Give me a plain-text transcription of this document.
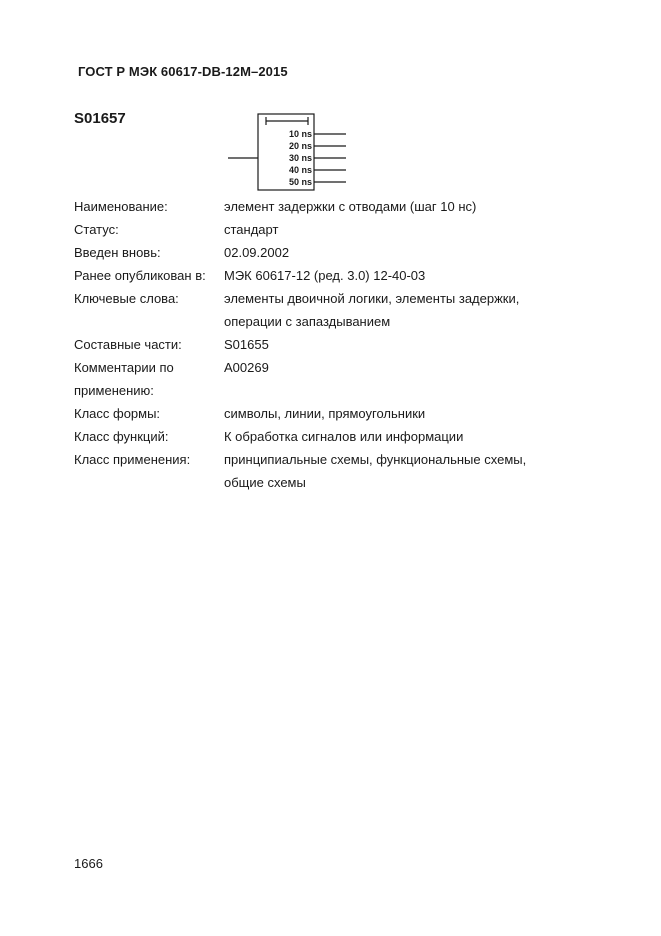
ГОСТ Р МЭК 60617-DB-12M–2015
S01657
10 ns
20 ns
30 ns
40 ns
50 ns
Наименование:	элемент задержки с отводами (шаг 10 нс)
Статус:	стандарт
Введен вновь:	02.09.2002
Ранее опубликован в:	МЭК 60617-12 (ред. 3.0) 12-40-03
Ключевые слова:	элементы двоичной логики, элементы задержки,
операции с запаздыванием
Составные части:	S01655
Комментарии по
применению:
A00269
Класс формы:	символы, линии, прямоугольники
Класс функций:	К обработка сигналов или информации
Класс применения:	принципиальные схемы, функциональные схемы,
общие схемы
1666
